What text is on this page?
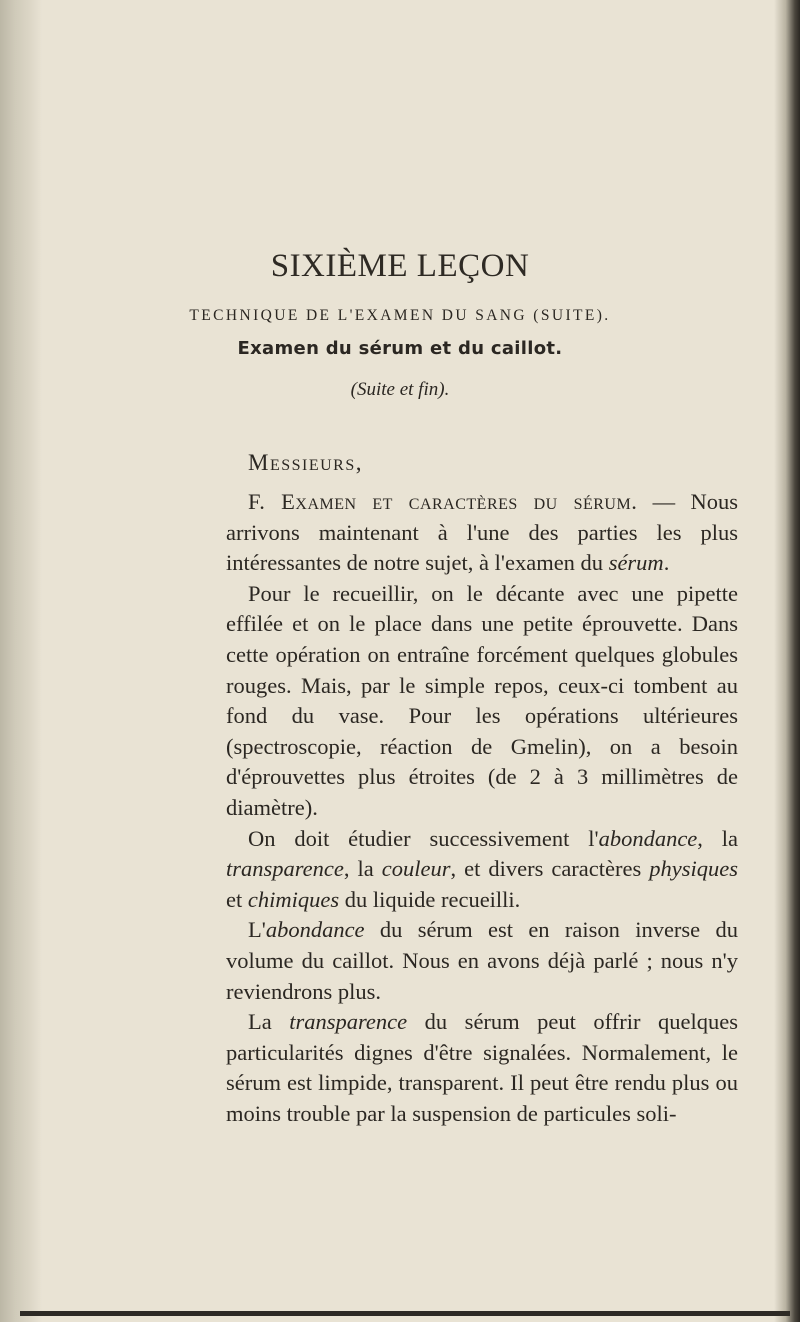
SIXIÈME LEÇON
TECHNIQUE DE L'EXAMEN DU SANG (SUITE).
Examen du sérum et du caillot.
(Suite et fin).
Messieurs,

F. Examen et caractères du sérum. — Nous arrivons maintenant à l'une des parties les plus intéressantes de notre sujet, à l'examen du sérum.

Pour le recueillir, on le décante avec une pipette effilée et on le place dans une petite éprouvette. Dans cette opération on entraîne forcément quelques globules rouges. Mais, par le simple repos, ceux-ci tombent au fond du vase. Pour les opérations ultérieures (spectroscopie, réaction de Gmelin), on a besoin d'éprouvettes plus étroites (de 2 à 3 millimètres de diamètre).

On doit étudier successivement l'abondance, la transparence, la couleur, et divers caractères physiques et chimiques du liquide recueilli.

L'abondance du sérum est en raison inverse du volume du caillot. Nous en avons déjà parlé ; nous n'y reviendrons plus.

La transparence du sérum peut offrir quelques particularités dignes d'être signalées. Normalement, le sérum est limpide, transparent. Il peut être rendu plus ou moins trouble par la suspension de particules soli-
